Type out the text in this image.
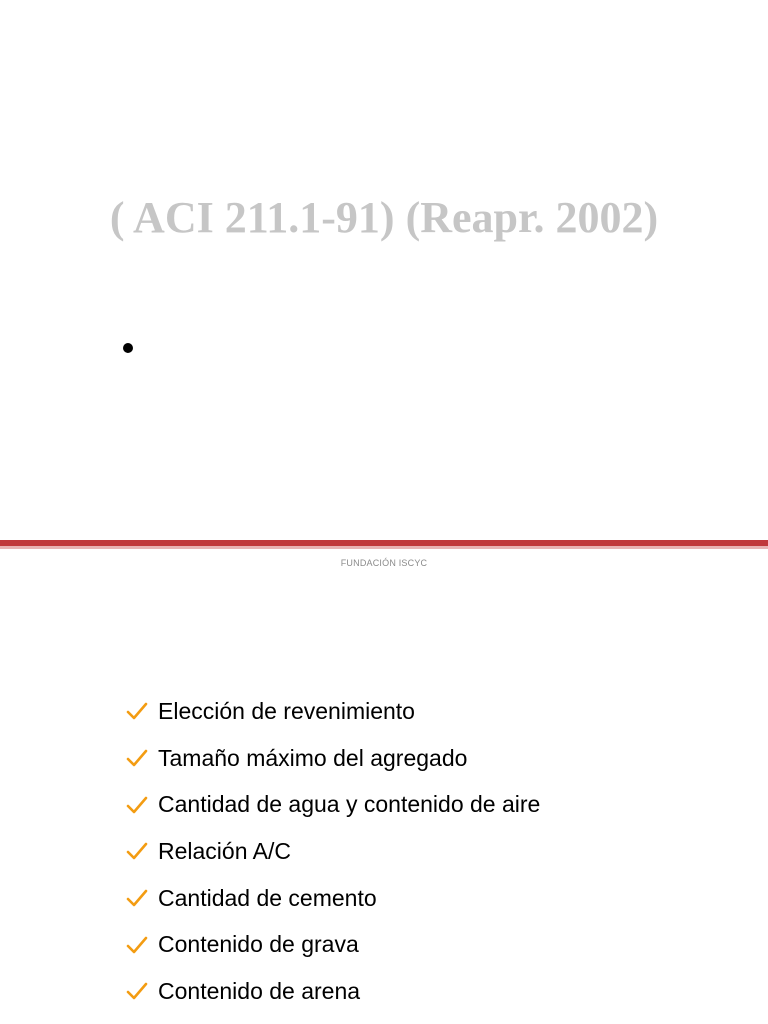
( ACI 211.1-91) (Reapr. 2002)
FUNDACIÓN ISCYC
Elección de revenimiento
Tamaño máximo del agregado
Cantidad de agua y contenido de aire
Relación A/C
Cantidad de cemento
Contenido de grava
Contenido de arena
